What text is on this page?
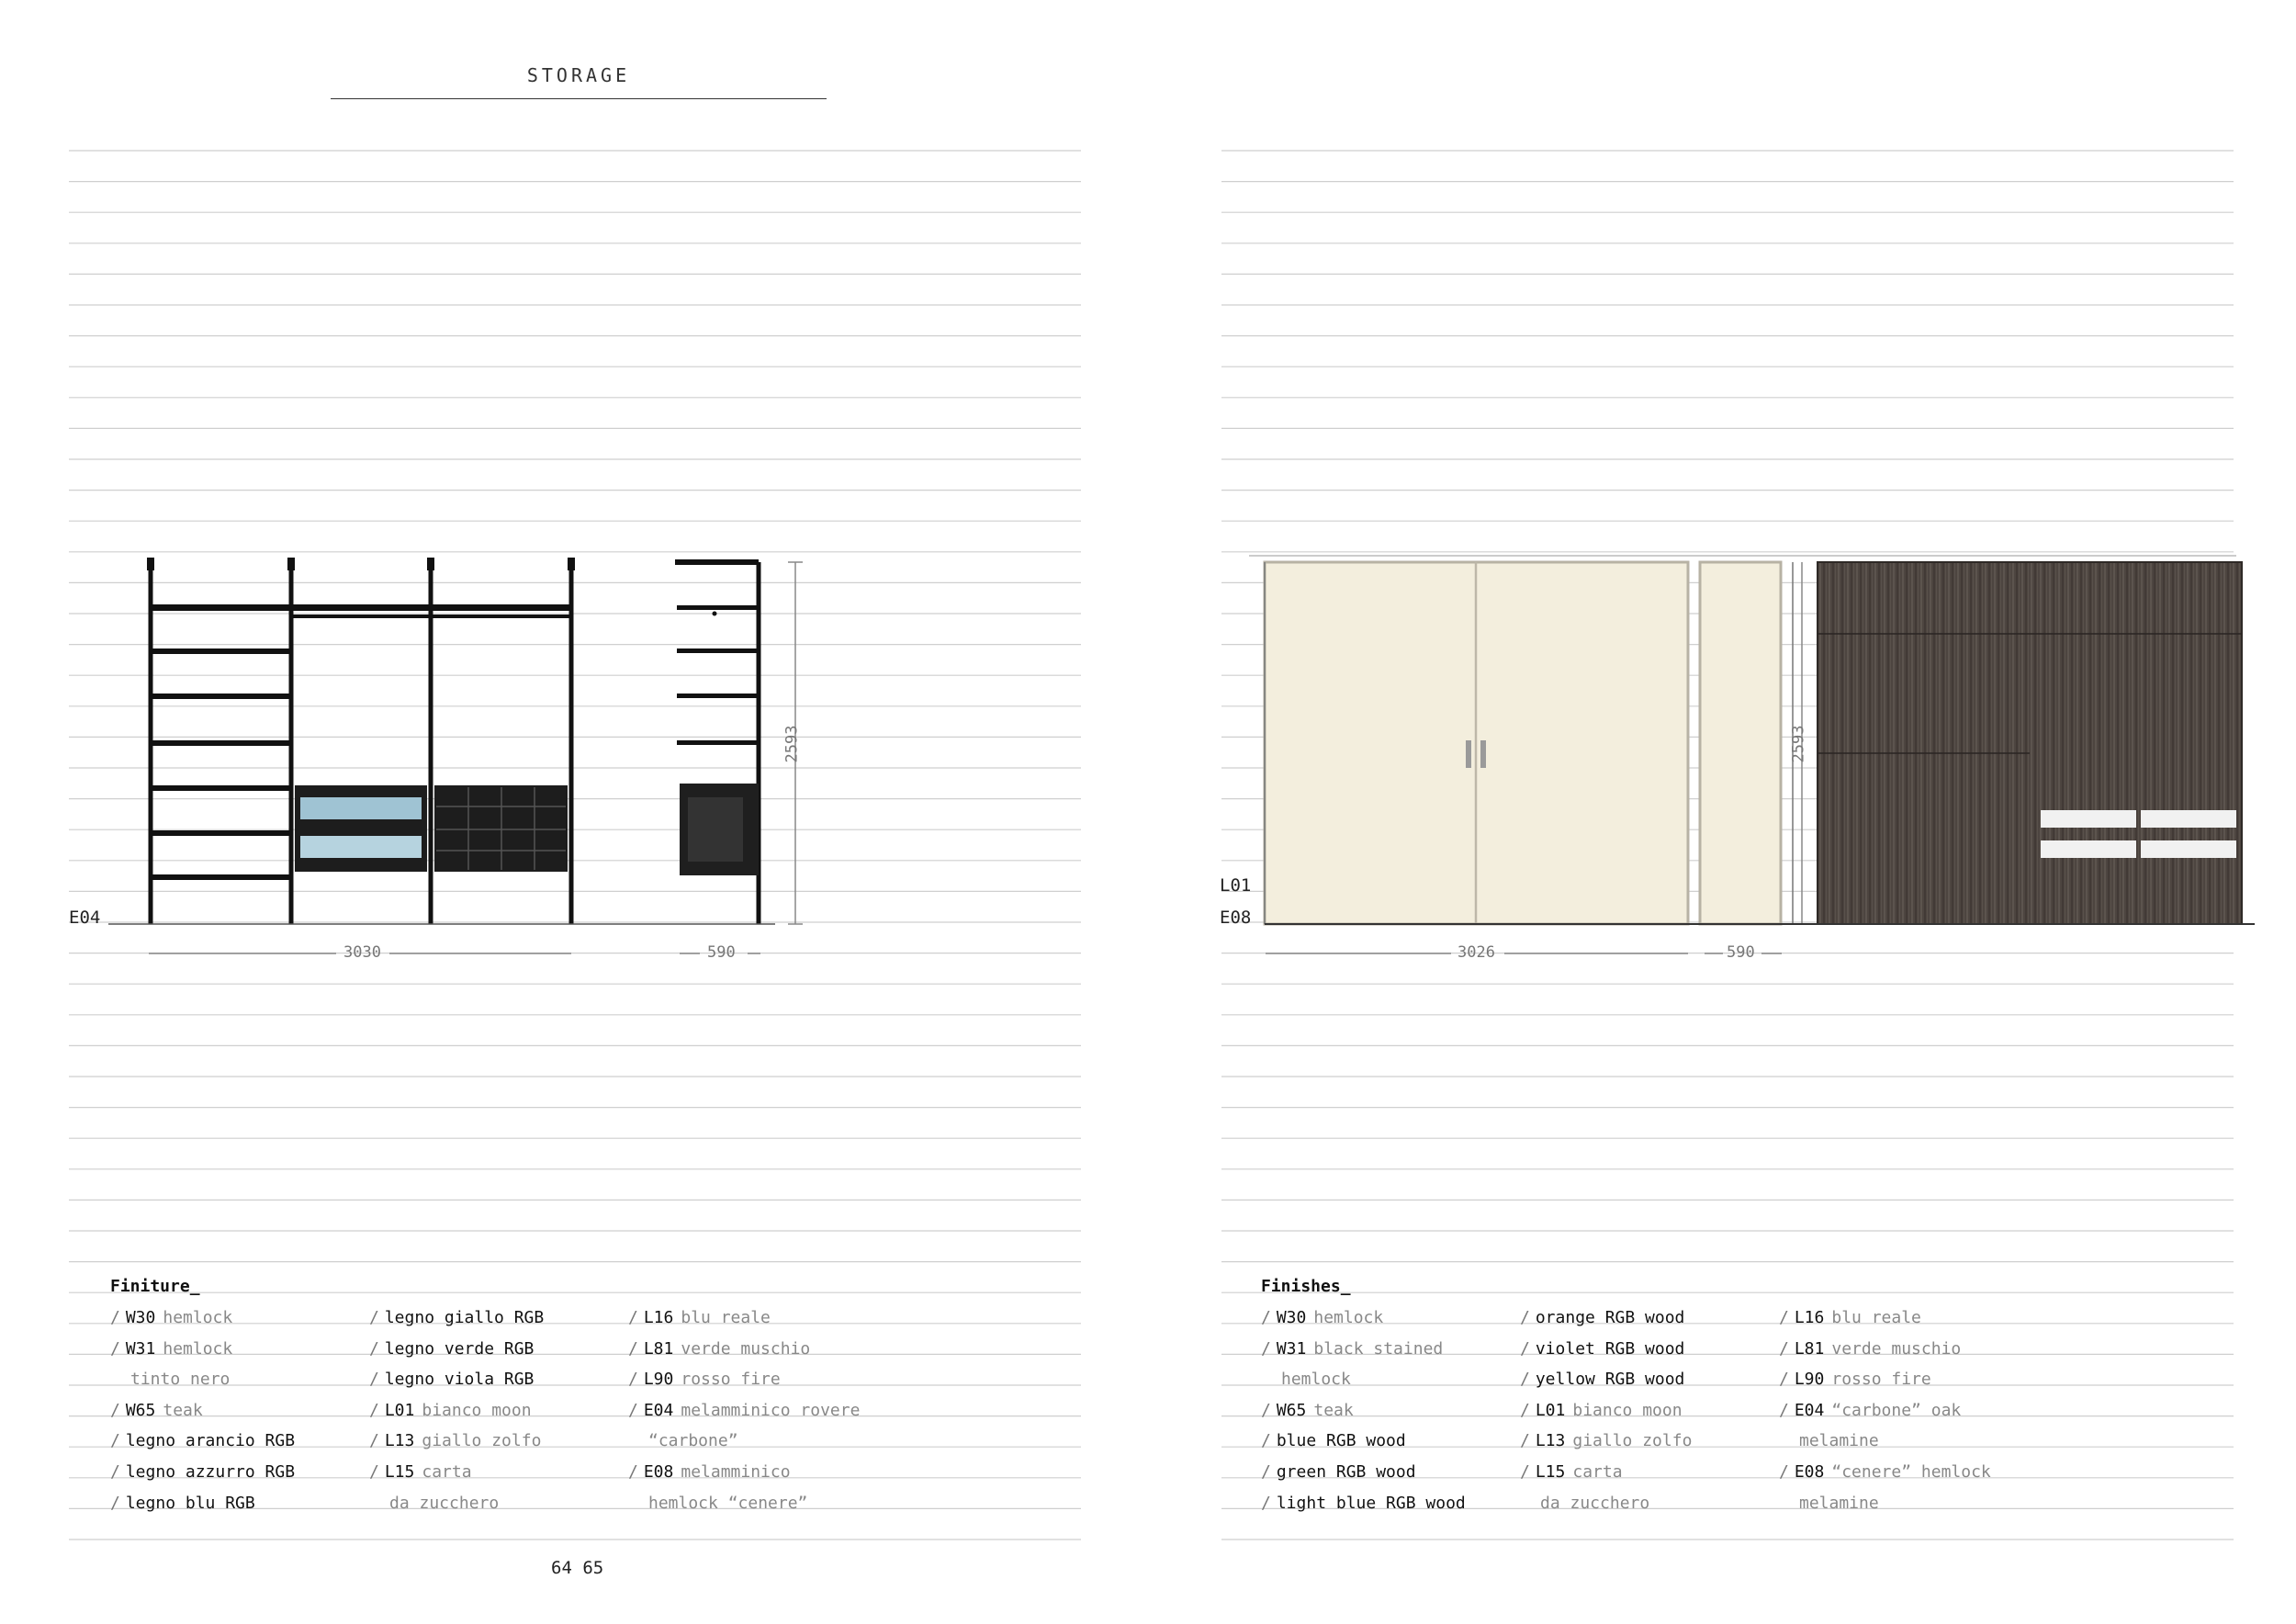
STORAGE
E04
3030	590
2593
Finiture_
/ W30 hemlock
/ W31 hemlock
tinto nero
/ W65 teak
/ legno arancio RGB
/ legno azzurro RGB
/ legno blu RGB
/ legno giallo RGB
/ legno verde RGB
/ legno viola RGB
/ L01 bianco moon
/ L13 giallo zolfo
/ L15 carta
da zucchero
/ L16 blu reale
/ L81 verde muschio
/ L90 rosso fire
/ E04 melamminico rovere
“carbone”
/ E08 melamminico
hemlock “cenere”
64 65
L01
E08
3026	590
2593
Finishes_
/ W30 hemlock
/ W31 black stained
hemlock
/ W65 teak
/ blue RGB wood
/ green RGB wood
/ light blue RGB wood
/ orange RGB wood
/ violet RGB wood
/ yellow RGB wood
/ L01 bianco moon
/ L13 giallo zolfo
/ L15 carta
da zucchero
/ L16 blu reale
/ L81 verde muschio
/ L90 rosso fire
/ E04 “carbone” oak
melamine
/ E08 “cenere” hemlock
melamine
